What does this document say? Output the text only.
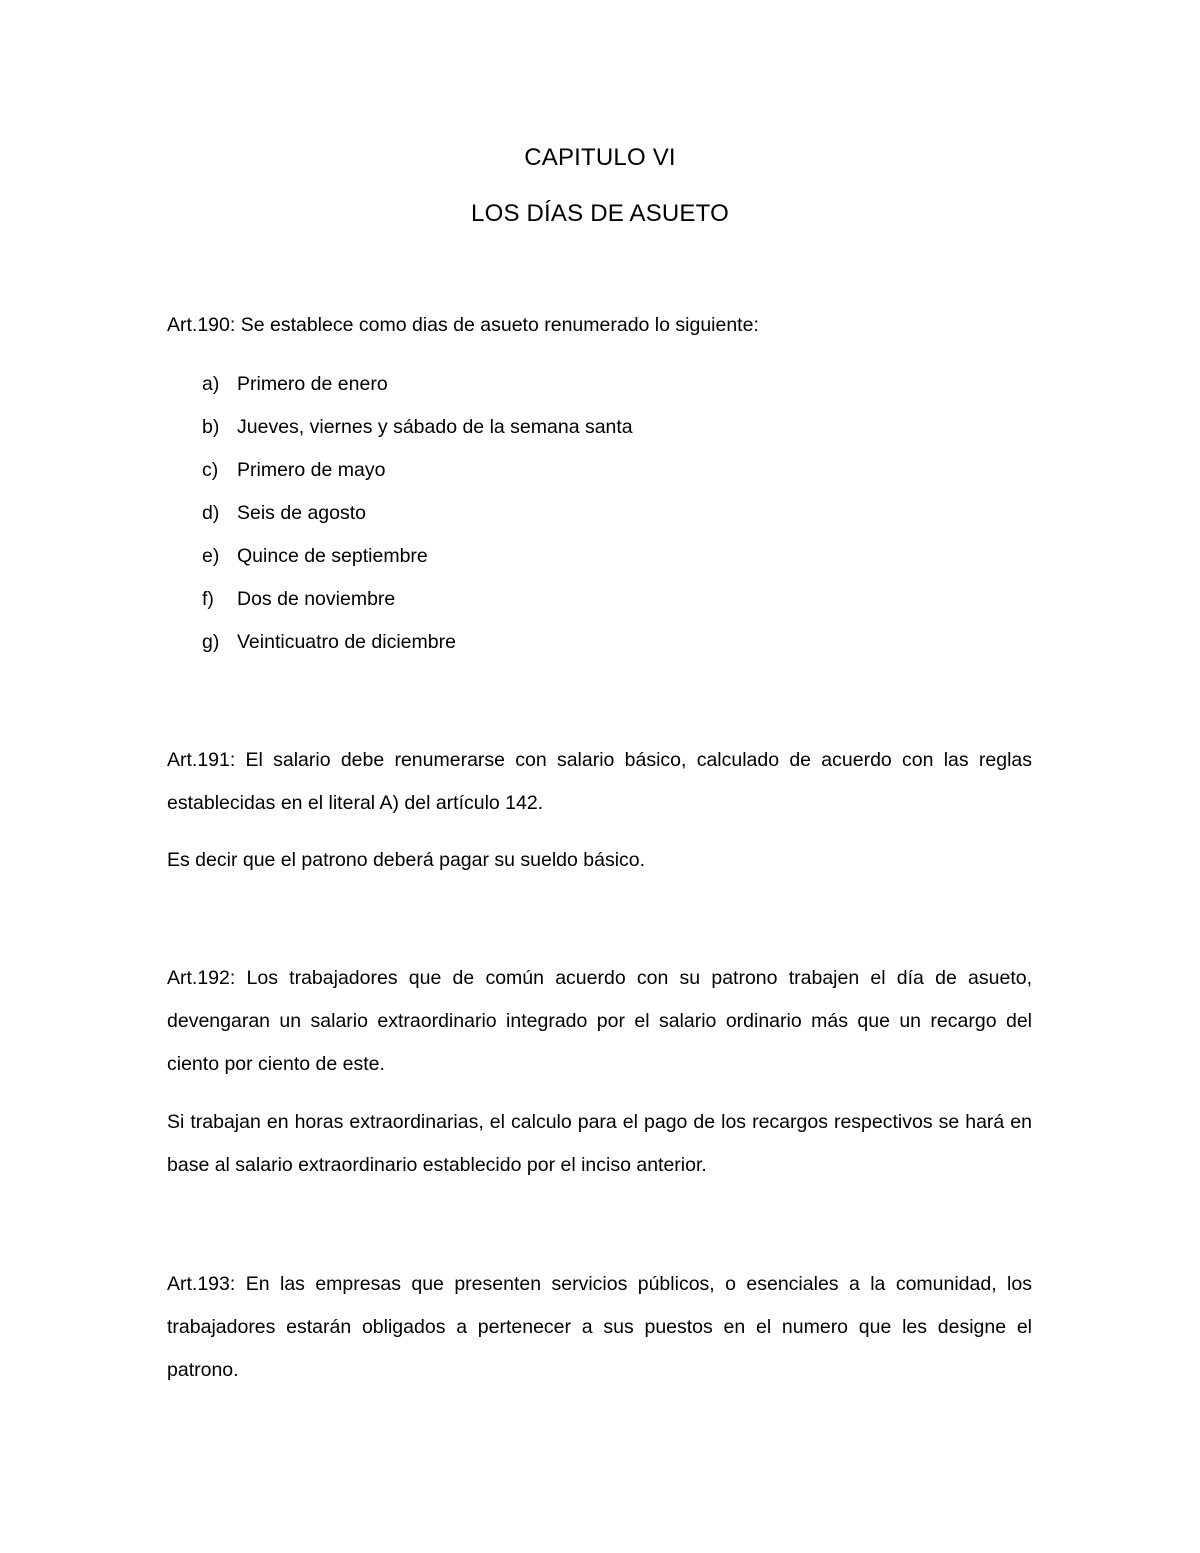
CAPITULO VI
LOS DÍAS DE ASUETO

Art.190: Se establece como dias de asueto renumerado lo siguiente:

a) Primero de enero
b) Jueves, viernes y sábado de la semana santa
c) Primero de mayo
d) Seis de agosto
e) Quince de septiembre
f) Dos de noviembre
g) Veinticuatro de diciembre

Art.191: El salario debe renumerarse con salario básico, calculado de acuerdo con las reglas establecidas en el literal A) del artículo 142.

Es decir que el patrono deberá pagar su sueldo básico.

Art.192: Los trabajadores que de común acuerdo con su patrono trabajen el día de asueto, devengaran un salario extraordinario integrado por el salario ordinario más que un recargo del ciento por ciento de este.

Si trabajan en horas extraordinarias, el calculo para el pago de los recargos respectivos se hará en base al salario extraordinario establecido por el inciso anterior.

Art.193: En las empresas que presenten servicios públicos, o esenciales a la comunidad, los trabajadores estarán obligados a pertenecer a sus puestos en el numero que les designe el patrono.
